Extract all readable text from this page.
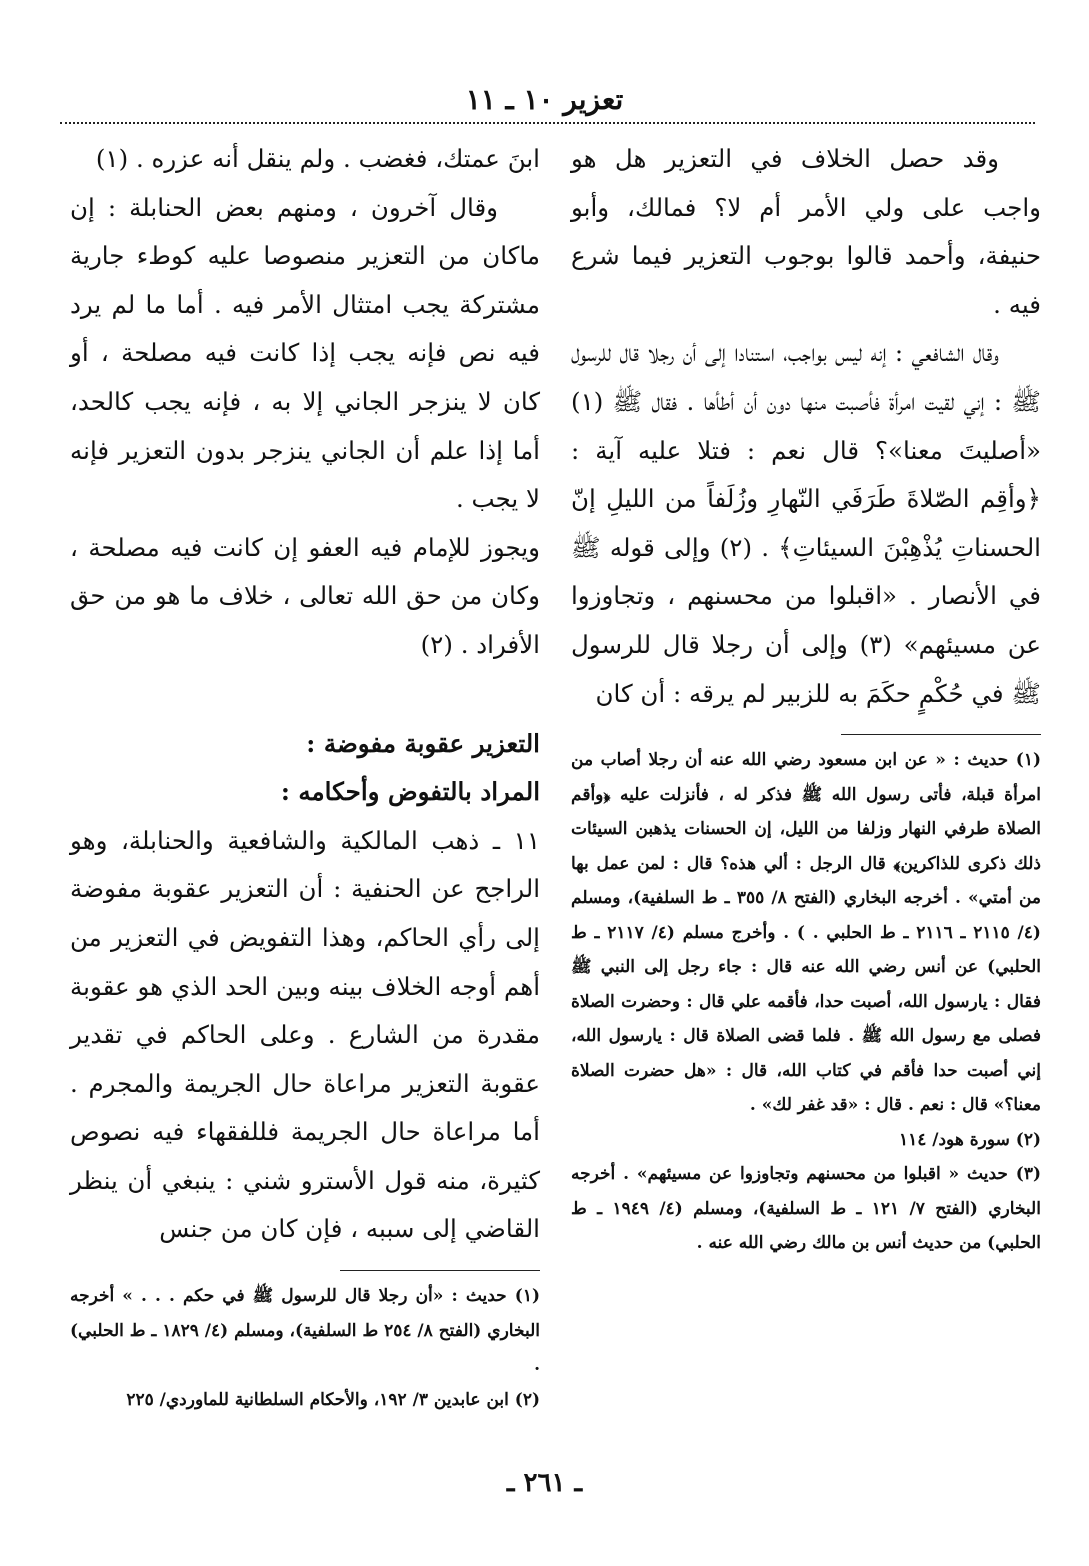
تعزير ١٠ ـ ١١

وقد حصل الخلاف في التعزير هل هو واجب على ولي الأمر أم لا؟ فمالك، وأبو حنيفة، وأحمد قالوا بوجوب التعزير فيما شرع فيه .

وقال الشافعي : إنه ليس بواجب، استنادا إلى أن رجلا قال للرسول ﷺ : إني لقيت امرأة فأصبت منها دون أن أطأها . فقال ﷺ (١) «أصليتَ معنا»؟ قال نعم : فتلا عليه آية : ﴿وأقِم الصّلاةَ طَرَفَي النّهارِ وزُلَفاً من الليلِ إنّ الحسناتِ يُذْهِبْنَ السيئاتِ﴾ . (٢) وإلى قوله ﷺ في الأنصار . «اقبلوا من محسنهم ، وتجاوزوا عن مسيئهم» (٣) وإلى أن رجلا قال للرسول ﷺ في حُكْمٍ حكَمَ به للزبير لم يرقه : أن كان

(١) حديث : « عن ابن مسعود رضي الله عنه أن رجلا أصاب من امرأة قبلة، فأتى رسول الله ﷺ فذكر له ، فأنزلت عليه ﴿وأقم الصلاة طرفي النهار وزلفا من الليل، إن الحسنات يذهبن السيئات ذلك ذكرى للذاكرين﴾ قال الرجل : ألي هذه؟ قال : لمن عمل بها من أمتي» . أخرجه البخاري (الفتح ٨/ ٣٥٥ ـ ط السلفية)، ومسلم (٤/ ٢١١٥ ـ ٢١١٦ ـ ط الحلبي . ) . وأخرج مسلم (٤/ ٢١١٧ ـ ط الحلبي) عن أنس رضي الله عنه قال : جاء رجل إلى النبي ﷺ فقال : يارسول الله، أصبت حدا، فأقمه علي قال : وحضرت الصلاة فصلى مع رسول الله ﷺ . فلما قضى الصلاة قال : يارسول الله، إني أصبت حدا فأقم في كتاب الله، قال : «هل حضرت الصلاة معنا؟» قال : نعم . قال : «قد غفر لك» .

(٢) سورة هود/ ١١٤

(٣) حديث « اقبلوا من محسنهم وتجاوزوا عن مسيئهم» . أخرجه البخاري (الفتح ٧/ ١٢١ ـ ط السلفية)، ومسلم (٤/ ١٩٤٩ ـ ط الحلبي) من حديث أنس بن مالك رضي الله عنه .

ابنَ عمتك، فغضب . ولم ينقل أنه عزره . (١)

وقال آخرون ، ومنهم بعض الحنابلة : إن ماكان من التعزير منصوصا عليه كوطء جارية مشتركة يجب امتثال الأمر فيه . أما ما لم يرد فيه نص فإنه يجب إذا كانت فيه مصلحة ، أو كان لا ينزجر الجاني إلا به ، فإنه يجب كالحد، أما إذا علم أن الجاني ينزجر بدون التعزير فإنه لا يجب .

ويجوز للإمام فيه العفو إن كانت فيه مصلحة ، وكان من حق الله تعالى ، خلاف ما هو من حق الأفراد . (٢)

التعزير عقوبة مفوضة :
المراد بالتفوض وأحكامه :

١١ ـ ذهب المالكية والشافعية والحنابلة، وهو الراجح عن الحنفية : أن التعزير عقوبة مفوضة إلى رأي الحاكم، وهذا التفويض في التعزير من أهم أوجه الخلاف بينه وبين الحد الذي هو عقوبة مقدرة من الشارع . وعلى الحاكم في تقدير عقوبة التعزير مراعاة حال الجريمة والمجرم . أما مراعاة حال الجريمة فللفقهاء فيه نصوص كثيرة، منه قول الأسترو شني : ينبغي أن ينظر القاضي إلى سببه ، فإن كان من جنس

(١) حديث : «أن رجلا قال للرسول ﷺ في حكم . . . » أخرجه البخاري (الفتح ٨/ ٢٥٤ ط السلفية)، ومسلم (٤/ ١٨٢٩ ـ ط الحلبي) .

(٢) ابن عابدين ٣/ ١٩٢، والأحكام السلطانية للماوردي/ ٢٢٥

ـ ٢٦١ ـ
